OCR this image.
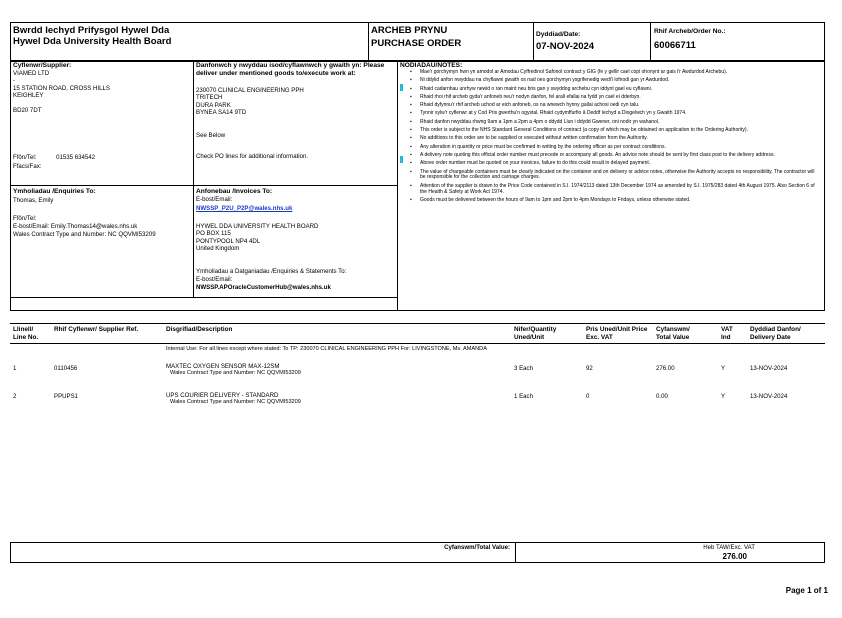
Bwrdd Iechyd Prifysgol Hywel Dda
Hywel Dda University Health Board
ARCHEB PRYNU
PURCHASE ORDER
Dyddiad/Date:
07-NOV-2024
Rhif Archeb/Order No.:
60066711
Cyflenwr/Supplier:
VIAMED LTD
-
15 STATION ROAD, CROSS HILLS
KEIGHLEY
BD20 7DT
Ffôn/Tel:	01535 634542
Ffacs/Fax:
Danfonwch y nwyddau isod/cyflawnwch y gwaith yn: Please deliver under mentioned goods to/execute work at:
230070 CLINICAL ENGINEERING PPH
TRITECH
DURA PARK
BYNEA SA14 9TD
See Below
Check PO lines for additional information.
Ymholiadau /Enquiries To:
Thomas, Emily
Ffôn/Tel:
E-bost/Email: Emily.Thomas14@wales.nhs.uk
Wales Contract Type and Number: NC QQVMI53209
Anfonebau /Invoices To:
E-bost/Email:
NWSSP_P2U_P2P@wales.nhs.uk
HYWEL DDA UNIVERSITY HEALTH BOARD
PO BOX 115
PONTYPOOL NP4 4DL
United Kingdom
Ymholiadau a Datganiadau /Enquiries & Statements To:
E-bost/Email:
NWSSP.APOracleCustomerHub@wales.nhs.uk
NODIADAU/NOTES:
▪ Mae'r gorchymyn hwn yn amodol ar Amodau Cyffredinol Safonol contract y GIG (fe y gellir cael copi ohonynt ar gais i'r Awdurdod Archebu).
▪ Ni ddylid anfon nwyddau na chyflawni gwaith os nad oes gorchymyn ysgrifenedig wedi'i lofnodi gan yr Awdurdod.
▪ Rhaid cadarnhau unrhyw newid o ran maint neu bris gan y swyddog archebu cyn iddynt gael eu cyflawni.
▪ Rhaid rhoi rhif archeb gyda'r anfoneb neu'r nodyn danfon, fel arall efallai na fydd yn cael ei dderbyn.
▪ Rhaid dyfynnu'r rhif archeb uchod ar eich anfoneb, os na wnewch hynny gallai achosi oedi cyn talu.
▪ Tynnir sylw'r cyflenwr at y Cod Pris gwerthu'n ogystal. Rhaid cydymffurfio â Deddf Iechyd a Diogelwch yn y Gwaith 1974.
▪ Rhaid danfon nwyddau rhwng 9am a 1pm a 2pm a 4pm o ddydd Llun i ddydd Gwener, oni nodir yn wahanol.
▪ This order is subject to the NHS Standard General Conditions of contract (a copy of which may be obtained on application to the Ordering Authority).
▪ No additions to this order are to be supplied or executed without written confirmation from the Authority.
▪ Any alteration in quantity or price must be confirmed in writing by the ordering officer as per contract conditions.
▪ A delivery note quoting this official order number must precede or accompany all goods. An advice note should be sent by first class post to the delivery address.
▪ Above order number must be quoted on your invoices, failure to do this could result in delayed payment.
▪ The value of chargeable containers must be clearly indicated on the container and on delivery or advice notes, otherwise the Authority accepts no responsibility. The contractor will be responsible for the collection and carriage charges.
▪ Attention of the supplier is drawn to the Price Code contained in S.I. 1974/2113 dated 13th December 1974 as amended by S.I. 1975/283 dated 4th August 1975. Also Section 6 of the Health & Safety at Work Act 1974.
▪ Goods must be delivered between the hours of 9am to 1pm and 2pm to 4pm Mondays to Fridays, unless otherwise stated.
Llinell/ Line No.
Rhif Cyflenwr/ Supplier Ref.	Disgrifiad/Description	Nifer/Quantity Uned/Unit
Pris Uned/Unit Price Exc. VAT
Cyfanswm/ Total Value
VAT Ind
Dyddiad Danfon/ Delivery Date
Internal Use: For all lines except where stated: To TP: 230070 CLINICAL ENGINEERING PPH For: LIVINGSTONE, Ms. AMANDA
1	0110456	MAXTEC OXYGEN SENSOR MAX-12SM
Wales Contract Type and Number: NC QQVMI53209
3 Each	92	276.00	Y	13-NOV-2024
2	PPUPS1	UPS COURIER DELIVERY - STANDARD
Wales Contract Type and Number: NC QQVMI53209
1 Each	0	0.00	Y	13-NOV-2024
Cyfanswm/Total Value:	Heb TAW/Exc. VAT
276.00
Page 1 of 1
